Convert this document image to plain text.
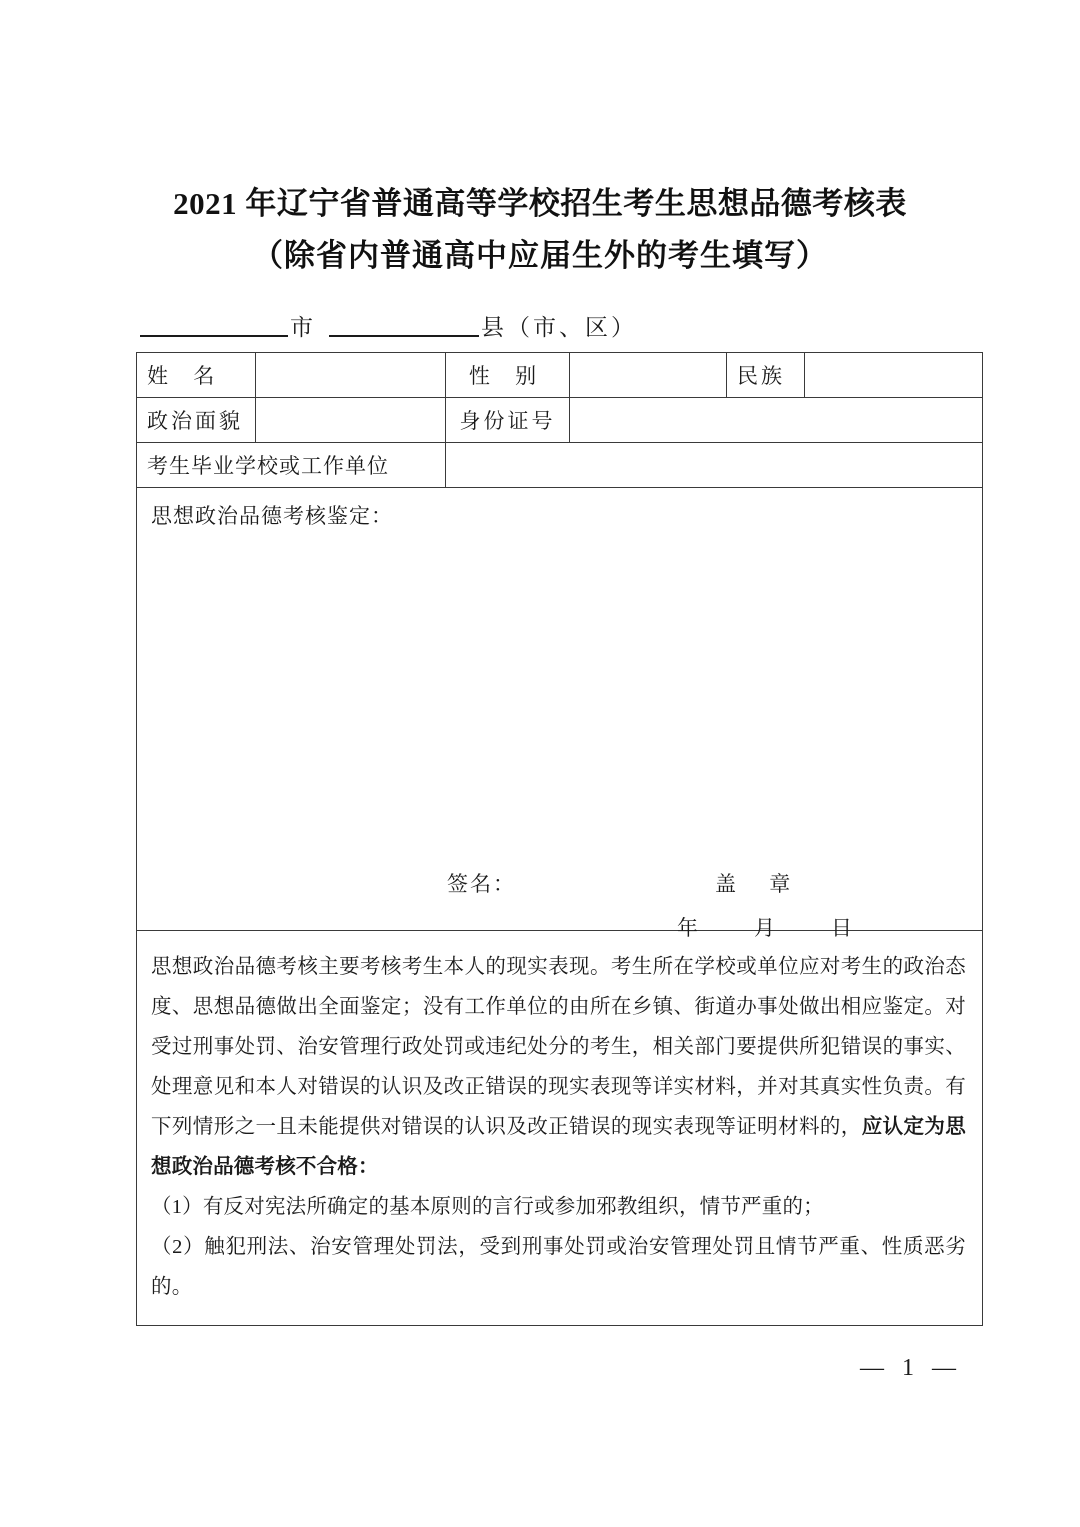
2021 年辽宁省普通高等学校招生考生思想品德考核表
（除省内普通高中应届生外的考生填写）
市	县（市、区）
姓 名		性 别		民族	
政治面貌		身份证号			
考生毕业学校或工作单位					

思想政治品德考核鉴定：
签名： 盖 章
年 月 日					

思想政治品德考核主要考核考生本人的现实表现。考生所在学校或单位应对考生的政治态度、思想品德做出全面鉴定；没有工作单位的由所在乡镇、街道办事处做出相应鉴定。对受过刑事处罚、治安管理行政处罚或违纪处分的考生，相关部门要提供所犯错误的事实、处理意见和本人对错误的认识及改正错误的现实表现等详实材料，并对其真实性负责。有下列情形之一且未能提供对错误的认识及改正错误的现实表现等证明材料的，应认定为思想政治品德考核不合格：

（1）有反对宪法所确定的基本原则的言行或参加邪教组织，情节严重的；

（2）触犯刑法、治安管理处罚法，受到刑事处罚或治安管理处罚且情节严重、性质恶劣的。					

— 1 —
